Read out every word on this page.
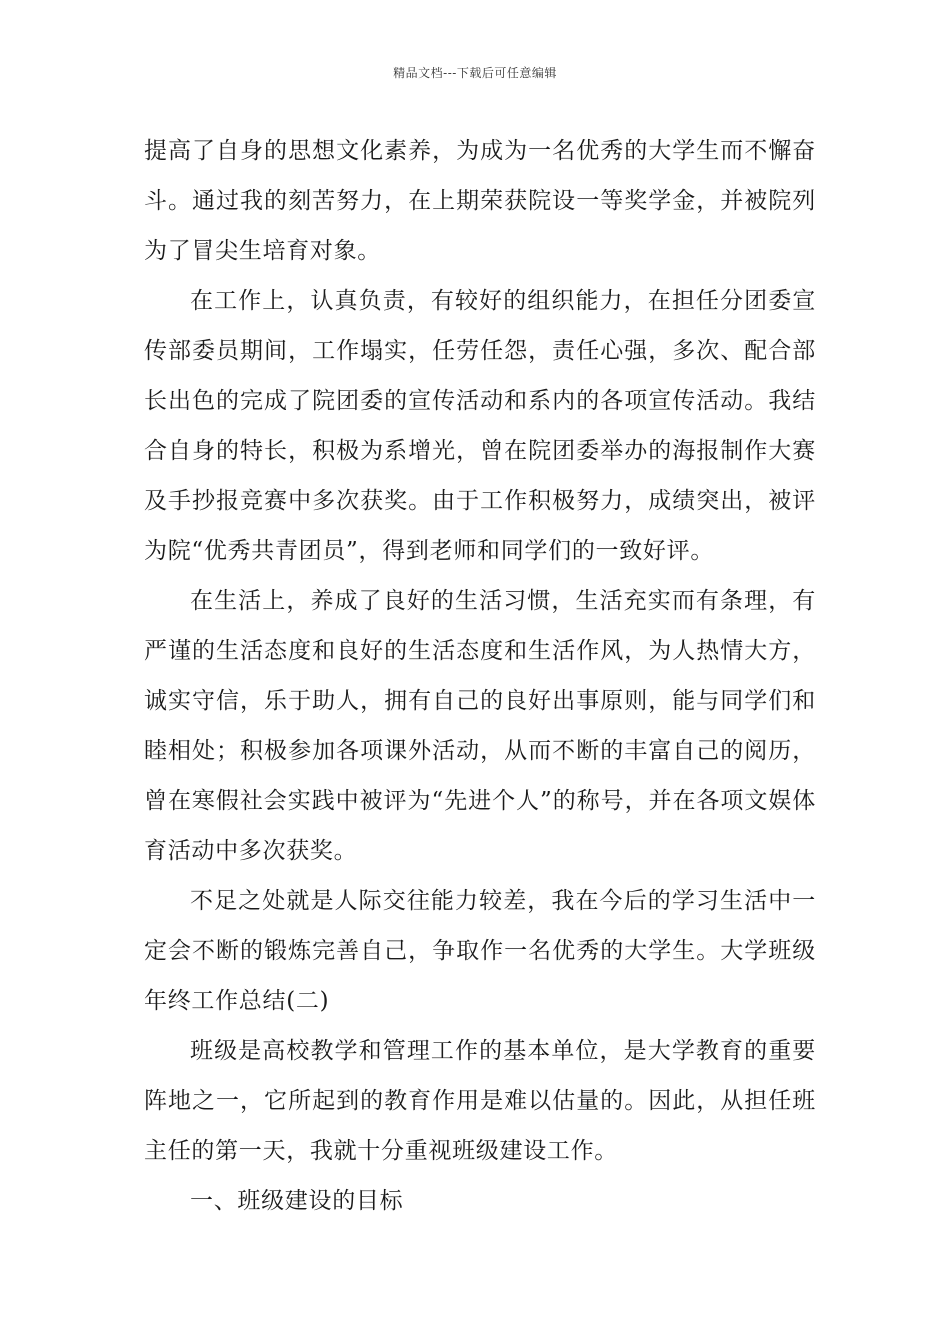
精品文档---下载后可任意编辑

提高了自身的思想文化素养，为成为一名优秀的大学生而不懈奋斗。通过我的刻苦努力，在上期荣获院设一等奖学金，并被院列为了冒尖生培育对象。

在工作上，认真负责，有较好的组织能力，在担任分团委宣传部委员期间，工作塌实，任劳任怨，责任心强，多次、配合部长出色的完成了院团委的宣传活动和系内的各项宣传活动。我结合自身的特长，积极为系增光，曾在院团委举办的海报制作大赛及手抄报竞赛中多次获奖。由于工作积极努力，成绩突出，被评为院“优秀共青团员”，得到老师和同学们的一致好评。

在生活上，养成了良好的生活习惯，生活充实而有条理，有严谨的生活态度和良好的生活态度和生活作风，为人热情大方，诚实守信，乐于助人，拥有自己的良好出事原则，能与同学们和睦相处；积极参加各项课外活动，从而不断的丰富自己的阅历，曾在寒假社会实践中被评为“先进个人”的称号，并在各项文娱体育活动中多次获奖。

不足之处就是人际交往能力较差，我在今后的学习生活中一定会不断的锻炼完善自己，争取作一名优秀的大学生。大学班级年终工作总结(二)

班级是高校教学和管理工作的基本单位，是大学教育的重要阵地之一，它所起到的教育作用是难以估量的。因此，从担任班主任的第一天，我就十分重视班级建设工作。

一、班级建设的目标
